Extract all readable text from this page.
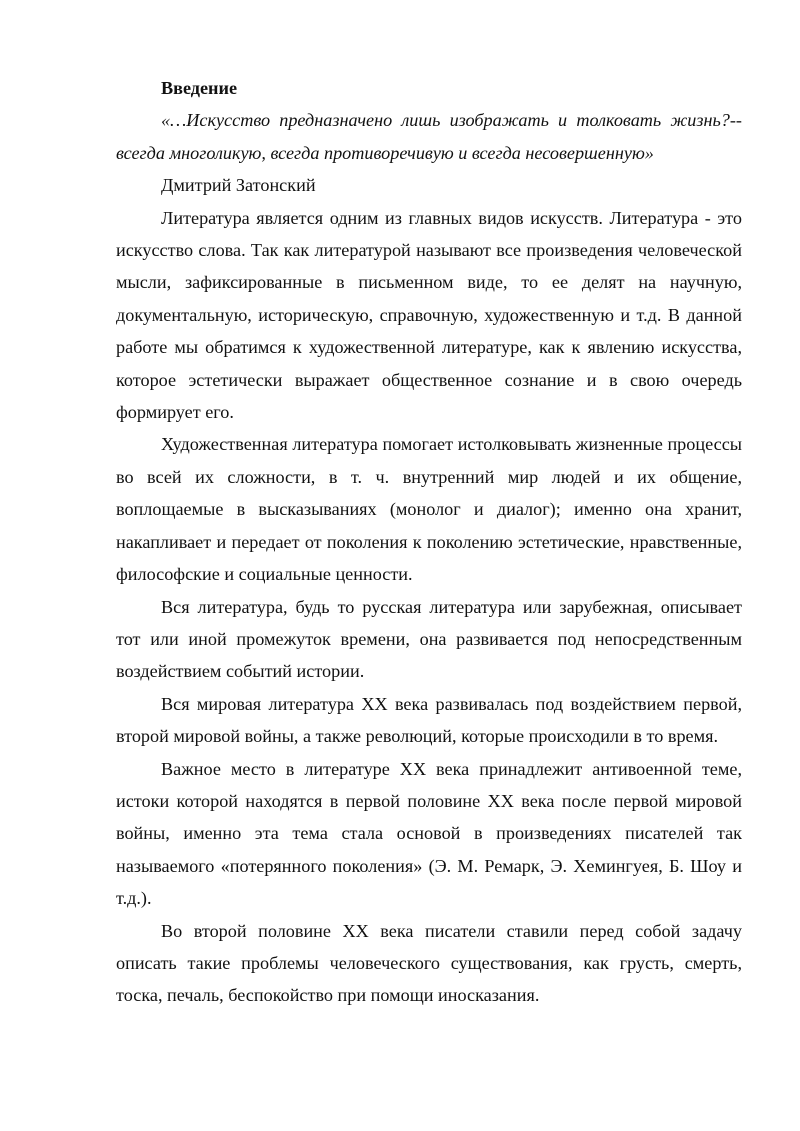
Введение

«…Искусство предназначено лишь изображать и толковать жизнь?-- всегда многоликую, всегда противоречивую и всегда несовершенную»

Дмитрий Затонский

Литература является одним из главных видов искусств. Литература - это искусство слова. Так как литературой называют все произведения человеческой мысли, зафиксированные в письменном виде, то ее делят на научную, документальную, историческую, справочную, художественную и т.д. В данной работе мы обратимся к художественной литературе, как к явлению искусства, которое эстетически выражает общественное сознание и в свою очередь формирует его.

Художественная литература помогает истолковывать жизненные процессы во всей их сложности, в т. ч. внутренний мир людей и их общение, воплощаемые в высказываниях (монолог и диалог); именно она хранит, накапливает и передает от поколения к поколению эстетические, нравственные, философские и социальные ценности.

Вся литература, будь то русская литература или зарубежная, описывает тот или иной промежуток времени, она развивается под непосредственным воздействием событий истории.

Вся мировая литература XX века развивалась под воздействием первой, второй мировой войны, а также революций, которые происходили в то время.

Важное место в литературе XX века принадлежит антивоенной теме, истоки которой находятся в первой половине XX века после первой мировой войны, именно эта тема стала основой в произведениях писателей так называемого «потерянного поколения» (Э. М. Ремарк, Э. Хемингуея, Б. Шоу и т.д.).

Во второй половине XX века писатели ставили перед собой задачу описать такие проблемы человеческого существования, как грусть, смерть, тоска, печаль, беспокойство при помощи иносказания.
